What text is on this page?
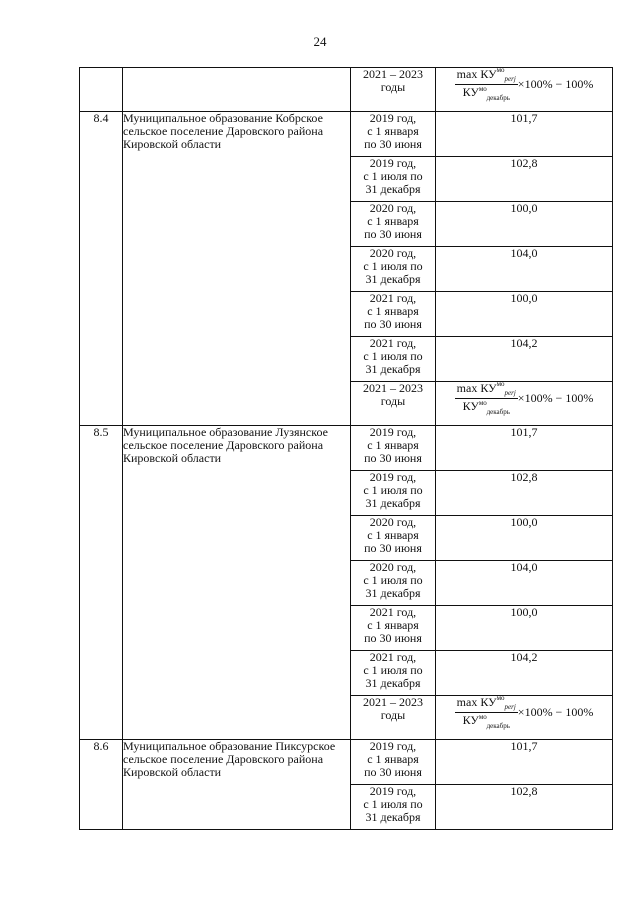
24

		2021 – 2023
годы	$\frac{\max КУ^{мо}_{perj}}{КУ^{мо}_{декабрь}} \times 100\% - 100\%$
8.4	Муниципальное образование Кобрское сельское поселение Даровского района Кировской области	2019 год,
с 1 января
по 30 июня	101,7

		2019 год,
с 1 июля по
31 декабря	102,8

		2020 год,
с 1 января
по 30 июня	100,0

		2020 год,
с 1 июля по
31 декабря	104,0

		2021 год,
с 1 января
по 30 июня	100,0

		2021 год,
с 1 июля по
31 декабря	104,2

		2021 – 2023
годы	$\frac{\max КУ^{мо}_{perj}}{КУ^{мо}_{декабрь}} \times 100\% - 100\%$
8.5	Муниципальное образование Лузянское сельское поселение Даровского района Кировской области	2019 год,
с 1 января
по 30 июня	101,7

		2019 год,
с 1 июля по
31 декабря	102,8

		2020 год,
с 1 января
по 30 июня	100,0

		2020 год,
с 1 июля по
31 декабря	104,0

		2021 год,
с 1 января
по 30 июня	100,0

		2021 год,
с 1 июля по
31 декабря	104,2

		2021 – 2023
годы	$\frac{\max КУ^{мо}_{perj}}{КУ^{мо}_{декабрь}} \times 100\% - 100\%$
8.6	Муниципальное образование Пиксурское сельское поселение Даровского района Кировской области	2019 год,
с 1 января
по 30 июня	101,7

		2019 год,
с 1 июля по
31 декабря	102,8
